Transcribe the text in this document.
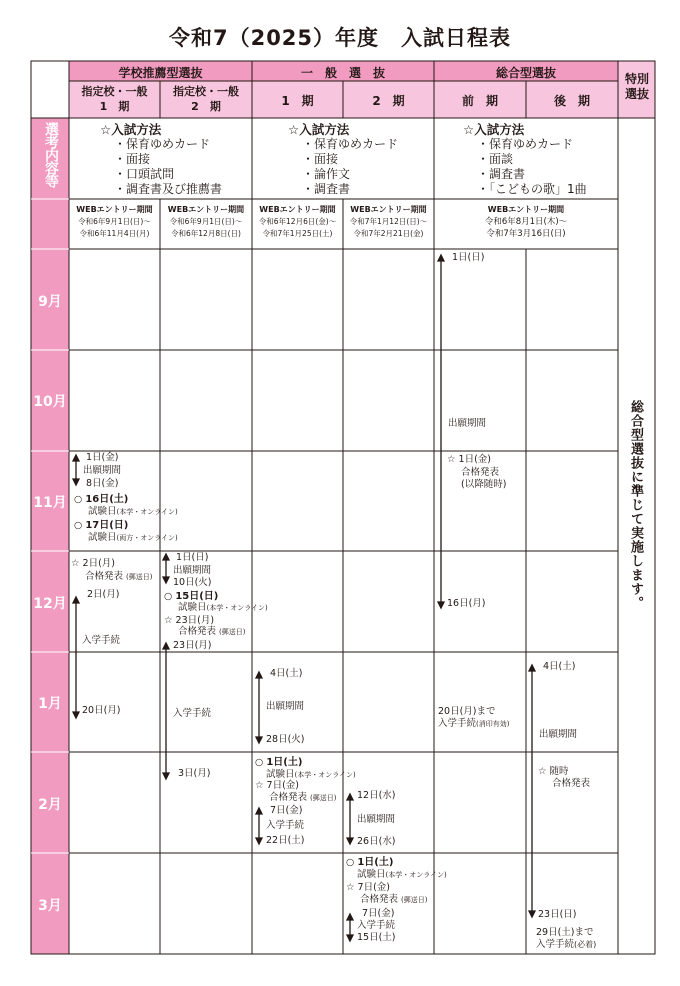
令和7（2025）年度　入試日程表
学校推薦型選抜
指定校・一般
1　期
指定校・一般
2　期
一　般　選　抜
1　期	2　期
総合型選抜
前　期	後　期
特別選抜
選考内容等
9月
10月
11月
12月
1月
2月
3月
☆入試方法
・保育ゆめカード
・面接
・口頭試問
・調査書及び推薦書
☆入試方法
・保育ゆめカード
・面接
・論作文
・調査書
☆入試方法
・保育ゆめカード
・面談
・調査書
・「こどもの歌」1曲
WEBエントリー期間
令和6年9月1日(日)～
令和6年11月4日(月)
WEBエントリー期間
令和6年9月1日(日)～
令和6年12月8日(日)
WEBエントリー期間
令和6年12月6日(金)～
令和7年1月25日(土)
WEBエントリー期間
令和7年1月12日(日)～
令和7年2月21日(金)
WEBエントリー期間
令和6年8月1日(木)～
令和7年3月16日(日)
総合型選抜に準じて実施します。
1日(金)
出願期間
8日(金)
○ 16日(土)
試験日(本学・オンライン)
○ 17日(日)
試験日(両方・オンライン)
☆ 2日(月)
合格発表 (郵送日)
2日(月)
入学手続
20日(月)
1日(日)
出願期間
10日(火)
○ 15日(日)
試験日(本学・オンライン)
☆ 23日(月)
合格発表 (郵送日)
23日(月)
入学手続
3日(月)
4日(土)
出願期間
28日(火)
○ 1日(土)
試験日(本学・オンライン)
☆ 7日(金)
合格発表 (郵送日)
7日(金)
入学手続
22日(土)
12日(水)
出願期間
26日(水)
○ 1日(土)
試験日(本学・オンライン)
☆ 7日(金)
合格発表 (郵送日)
7日(金)
入学手続
15日(土)
1日(日)
出願期間
☆ 1日(金)
合格発表
(以降随時)
16日(月)
20日(月)まで
入学手続(消印有効)
4日(土)
出願期間
☆ 随時
合格発表
23日(日)
29日(土)まで
入学手続(必着)
